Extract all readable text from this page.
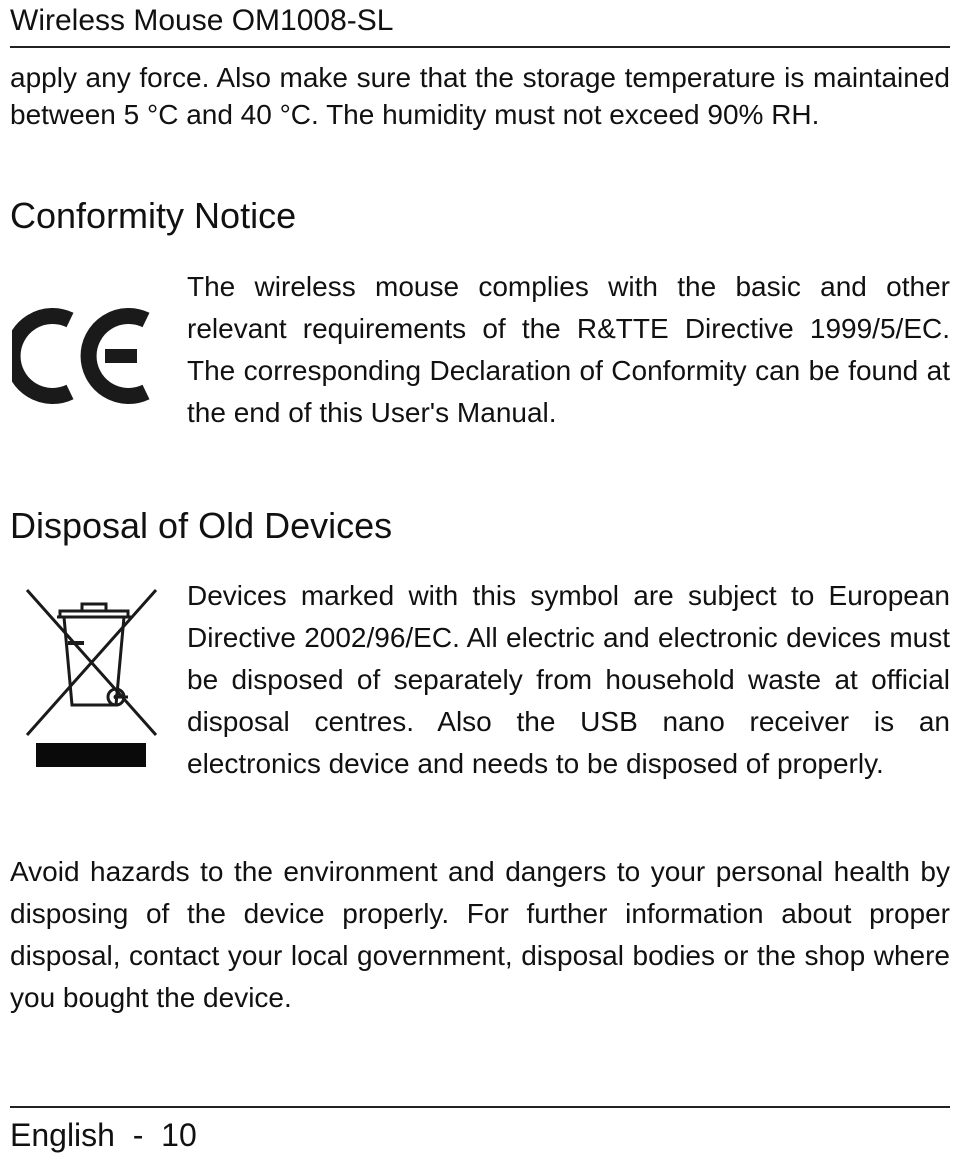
Wireless Mouse OM1008-SL

apply any force. Also make sure that the storage temperature is maintained between 5 °C and 40 °C. The humidity must not exceed 90% RH.

Conformity Notice

The wireless mouse complies with the basic and other relevant requirements of the R&TTE Directive 1999/5/EC. The corresponding Declaration of Conformity can be found at the end of this User's Manual.

Disposal of Old Devices

Devices marked with this symbol are subject to European Directive 2002/96/EC. All electric and electronic devices must be disposed of separately from household waste at official disposal centres. Also the USB nano receiver is an electronics device and needs to be disposed of properly.

Avoid hazards to the environment and dangers to your personal health by disposing of the device properly. For further information about proper disposal, contact your local government, disposal bodies or the shop where you bought the device.

English  -  10
